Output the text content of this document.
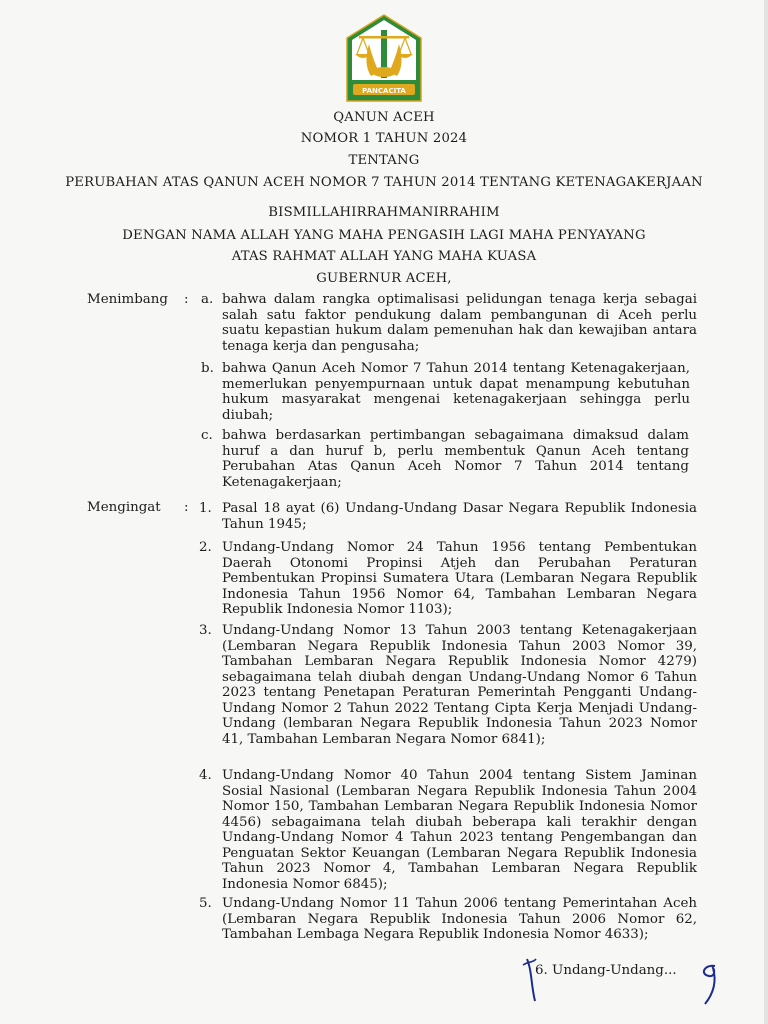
PANCACITA
QANUN ACEH
NOMOR 1 TAHUN 2024
TENTANG
PERUBAHAN ATAS QANUN ACEH NOMOR 7 TAHUN 2014 TENTANG KETENAGAKERJAAN
BISMILLAHIRRAHMANIRRAHIM
DENGAN NAMA ALLAH YANG MAHA PENGASIH LAGI MAHA PENYAYANG
ATAS RAHMAT ALLAH YANG MAHA KUASA
GUBERNUR ACEH,
Menimbang : a. bahwa dalam rangka optimalisasi pelidungan tenaga kerja sebagai salah satu faktor pendukung dalam pembangunan di Aceh perlu suatu kepastian hukum dalam pemenuhan hak dan kewajiban antara tenaga kerja dan pengusaha;
b. bahwa Qanun Aceh Nomor 7 Tahun 2014 tentang Ketenagakerjaan, memerlukan penyempurnaan untuk dapat menampung kebutuhan hukum masyarakat mengenai ketenagakerjaan sehingga perlu diubah;
c. bahwa berdasarkan pertimbangan sebagaimana dimaksud dalam huruf a dan huruf b, perlu membentuk Qanun Aceh tentang Perubahan Atas Qanun Aceh Nomor 7 Tahun 2014 tentang Ketenagakerjaan;
Mengingat : 1. Pasal 18 ayat (6) Undang-Undang Dasar Negara Republik Indonesia Tahun 1945;
2. Undang-Undang Nomor 24 Tahun 1956 tentang Pembentukan Daerah Otonomi Propinsi Atjeh dan Perubahan Peraturan Pembentukan Propinsi Sumatera Utara (Lembaran Negara Republik Indonesia Tahun 1956 Nomor 64, Tambahan Lembaran Negara Republik Indonesia Nomor 1103);
3. Undang-Undang Nomor 13 Tahun 2003 tentang Ketenagakerjaan (Lembaran Negara Republik Indonesia Tahun 2003 Nomor 39, Tambahan Lembaran Negara Republik Indonesia Nomor 4279) sebagaimana telah diubah dengan Undang-Undang Nomor 6 Tahun 2023 tentang Penetapan Peraturan Pemerintah Pengganti Undang-Undang Nomor 2 Tahun 2022 Tentang Cipta Kerja Menjadi Undang-Undang (lembaran Negara Republik Indonesia Tahun 2023 Nomor 41, Tambahan Lembaran Negara Nomor 6841);
4. Undang-Undang Nomor 40 Tahun 2004 tentang Sistem Jaminan Sosial Nasional (Lembaran Negara Republik Indonesia Tahun 2004 Nomor 150, Tambahan Lembaran Negara Republik Indonesia Nomor 4456) sebagaimana telah diubah beberapa kali terakhir dengan Undang-Undang Nomor 4 Tahun 2023 tentang Pengembangan dan Penguatan Sektor Keuangan (Lembaran Negara Republik Indonesia Tahun 2023 Nomor 4, Tambahan Lembaran Negara Republik Indonesia Nomor 6845);
5. Undang-Undang Nomor 11 Tahun 2006 tentang Pemerintahan Aceh (Lembaran Negara Republik Indonesia Tahun 2006 Nomor 62, Tambahan Lembaga Negara Republik Indonesia Nomor 4633);
6. Undang-Undang...
